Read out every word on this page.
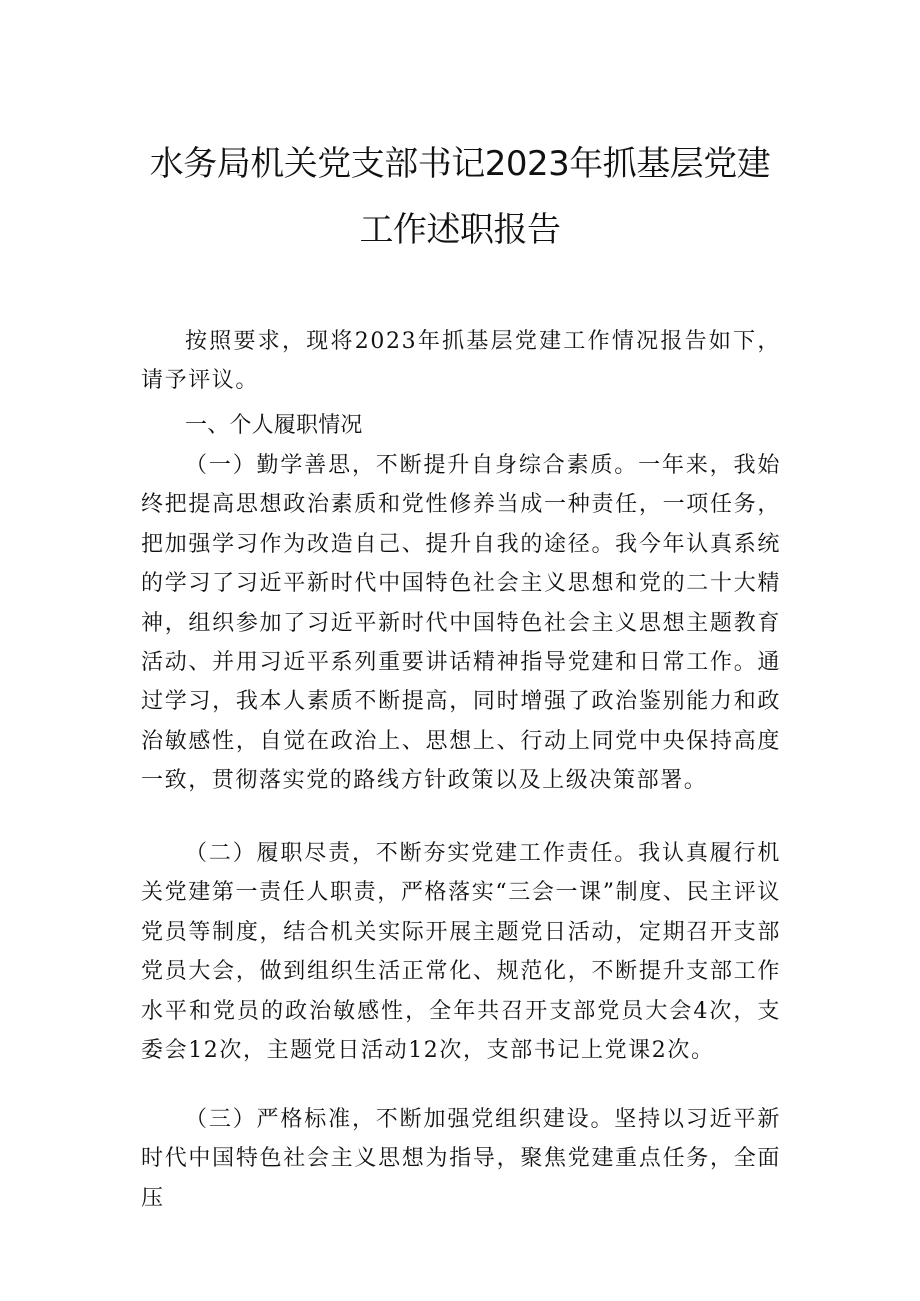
水务局机关党支部书记2023年抓基层党建
工作述职报告

按照要求，现将2023年抓基层党建工作情况报告如下，请予评议。

一、个人履职情况

（一）勤学善思，不断提升自身综合素质。一年来，我始终把提高思想政治素质和党性修养当成一种责任，一项任务，把加强学习作为改造自己、提升自我的途径。我今年认真系统的学习了习近平新时代中国特色社会主义思想和党的二十大精神，组织参加了习近平新时代中国特色社会主义思想主题教育活动、并用习近平系列重要讲话精神指导党建和日常工作。通过学习，我本人素质不断提高，同时增强了政治鉴别能力和政治敏感性，自觉在政治上、思想上、行动上同党中央保持高度一致，贯彻落实党的路线方针政策以及上级决策部署。

（二）履职尽责，不断夯实党建工作责任。我认真履行机关党建第一责任人职责，严格落实“三会一课”制度、民主评议党员等制度，结合机关实际开展主题党日活动，定期召开支部党员大会，做到组织生活正常化、规范化，不断提升支部工作水平和党员的政治敏感性，全年共召开支部党员大会4次，支委会12次，主题党日活动12次，支部书记上党课2次。

（三）严格标准，不断加强党组织建设。坚持以习近平新时代中国特色社会主义思想为指导，聚焦党建重点任务，全面压
